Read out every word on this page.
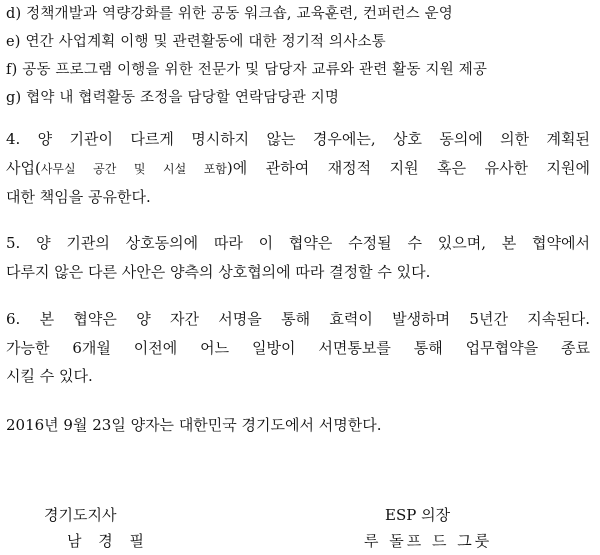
d) 정책개발과 역량강화를 위한 공동 워크숍, 교육훈련, 컨퍼런스 운영
e) 연간 사업계획 이행 및 관련활동에 대한 정기적 의사소통
f) 공동 프로그램 이행을 위한 전문가 및 담당자 교류와 관련 활동 지원 제공
g) 협약 내 협력활동 조정을 담당할 연락담당관 지명
4. 양 기관이 다르게 명시하지 않는 경우에는, 상호 동의에 의한 계획된
사업(사무실 공간 및 시설 포함)에 관하여 재정적 지원 혹은 유사한 지원에
대한 책임을 공유한다.
5. 양 기관의 상호동의에 따라 이 협약은 수정될 수 있으며, 본 협약에서
다루지 않은 다른 사안은 양측의 상호협의에 따라 결정할 수 있다.
6. 본 협약은 양 자간 서명을 통해 효력이 발생하며 5년간 지속된다.
가능한 6개월 이전에 어느 일방이 서면통보를 통해 업무협약을 종료
시킬 수 있다.
2016년 9월 23일 양자는 대한민국 경기도에서 서명한다.
경기도지사
남 경 필
ESP 의장
루 돌프 드 그룻
